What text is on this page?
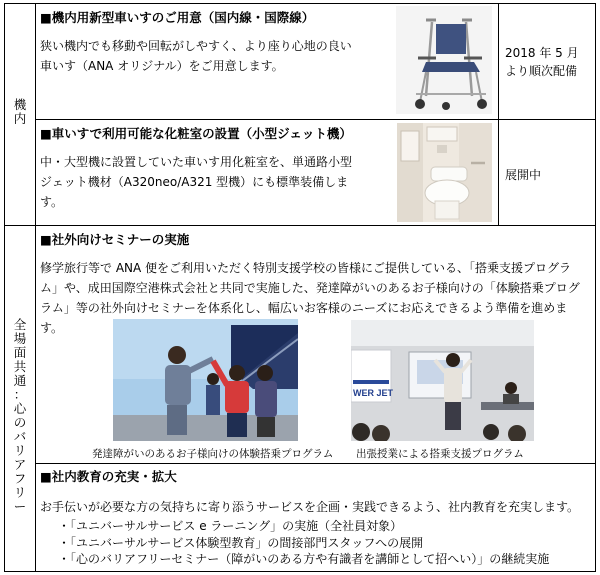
機
内
全
場
面
共
通
：
心
の
バ
リ
ア
フ
リ
ー
■機内用新型車いすのご用意（国内線・国際線）
狭い機内でも移動や回転がしやすく、より座り心地の良い車いす（ANA オリジナル）をご用意します。
2018 年 5 月
より順次配備
■車いすで利用可能な化粧室の設置（小型ジェット機）
中・大型機に設置していた車いす用化粧室を、単通路小型ジェット機材（A320neo/A321 型機）にも標準装備します。
展開中
■社外向けセミナーの実施
修学旅行等で ANA 便をご利用いただく特別支援学校の皆様にご提供している、「搭乗支援プログラム」や、成田国際空港株式会社と共同で実施した、発達障がいのあるお子様向けの「体験搭乗プログラム」等の社外向けセミナーを体系化し、幅広いお客様のニーズにお応えできるよう準備を進めます。
WER JET
発達障がいのあるお子様向けの体験搭乗プログラム 出張授業による搭乗支援プログラム
■社内教育の充実・拡大
お手伝いが必要な方の気持ちに寄り添うサービスを企画・実践できるよう、社内教育を充実します。
・「ユニバーサルサービス e ラーニング」の実施（全社員対象）
・「ユニバーサルサービス体験型教育」の間接部門スタッフへの展開
・「心のバリアフリーセミナー（障がいのある方や有識者を講師として招へい）」の継続実施
